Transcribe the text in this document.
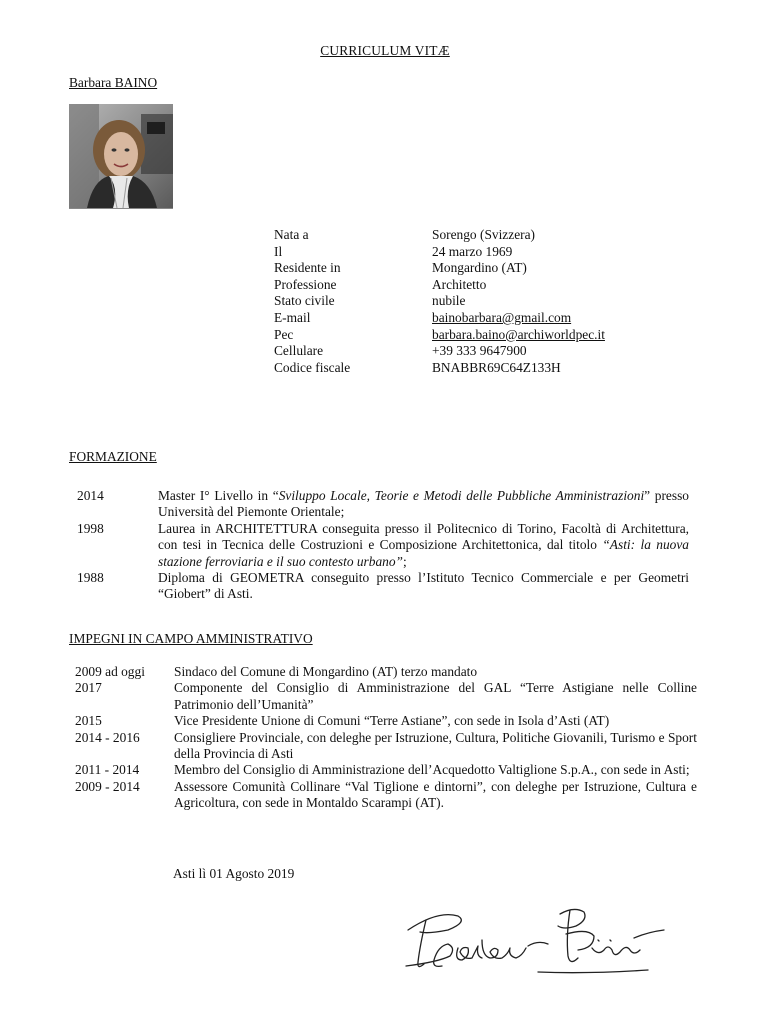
CURRICULUM VITÆ
Barbara BAINO
Nata a	Sorengo (Svizzera)
Il	24 marzo 1969
Residente in	Mongardino (AT)
Professione	Architetto
Stato civile	nubile
E-mail	bainobarbara@gmail.com
Pec	barbara.baino@archiworldpec.it
Cellulare	+39 333 9647900
Codice fiscale	BNABBR69C64Z133H
FORMAZIONE
2014	Master I° Livello in “Sviluppo Locale, Teorie e Metodi delle Pubbliche Amministrazioni” presso Università del Piemonte Orientale;
1998	Laurea in ARCHITETTURA conseguita presso il Politecnico di Torino, Facoltà di Architettura, con tesi in Tecnica delle Costruzioni e Composizione Architettonica, dal titolo “Asti: la nuova stazione ferroviaria e il suo contesto urbano”;
1988	Diploma di GEOMETRA conseguito presso l’Istituto Tecnico Commerciale e per Geometri “Giobert” di Asti.
IMPEGNI IN CAMPO AMMINISTRATIVO
2009 ad oggi	Sindaco del Comune di Mongardino (AT) terzo mandato
2017	Componente del Consiglio di Amministrazione del GAL “Terre Astigiane nelle Colline Patrimonio dell’Umanità”
2015	Vice Presidente Unione di Comuni “Terre Astiane”, con sede in Isola d’Asti (AT)
2014 - 2016	Consigliere Provinciale, con deleghe per Istruzione, Cultura, Politiche Giovanili, Turismo e Sport della Provincia di Asti
2011 - 2014	Membro del Consiglio di Amministrazione dell’Acquedotto Valtiglione S.p.A., con sede in Asti;
2009 - 2014	Assessore Comunità Collinare “Val Tiglione e dintorni”, con deleghe per Istruzione, Cultura e Agricoltura, con sede in Montaldo Scarampi (AT).
Asti lì 01 Agosto 2019
